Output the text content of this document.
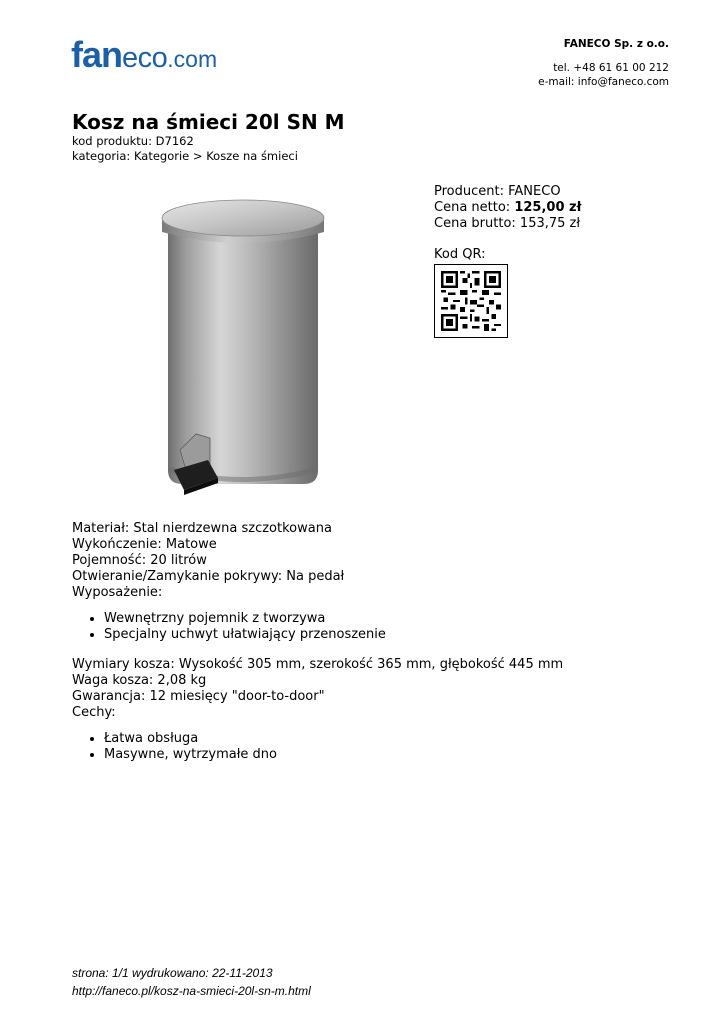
faneco.com
FANECO Sp. z o.o.
tel. +48 61 61 00 212
e-mail: info@faneco.com
Kosz na śmieci 20l SN M
kod produktu: D7162
kategoria: Kategorie > Kosze na śmieci
Producent: FANECO
Cena netto: 125,00 zł
Cena brutto: 153,75 zł
Kod QR:
Materiał: Stal nierdzewna szczotkowana
Wykończenie: Matowe
Pojemność: 20 litrów
Otwieranie/Zamykanie pokrywy: Na pedał
Wyposażenie:
• Wewnętrzny pojemnik z tworzywa
• Specjalny uchwyt ułatwiający przenoszenie
Wymiary kosza: Wysokość 305 mm, szerokość 365 mm, głębokość 445 mm
Waga kosza: 2,08 kg
Gwarancja: 12 miesięcy "door-to-door"
Cechy:
• Łatwa obsługa
• Masywne, wytrzymałe dno
strona: 1/1 wydrukowano: 22-11-2013
http://faneco.pl/kosz-na-smieci-20l-sn-m.html
